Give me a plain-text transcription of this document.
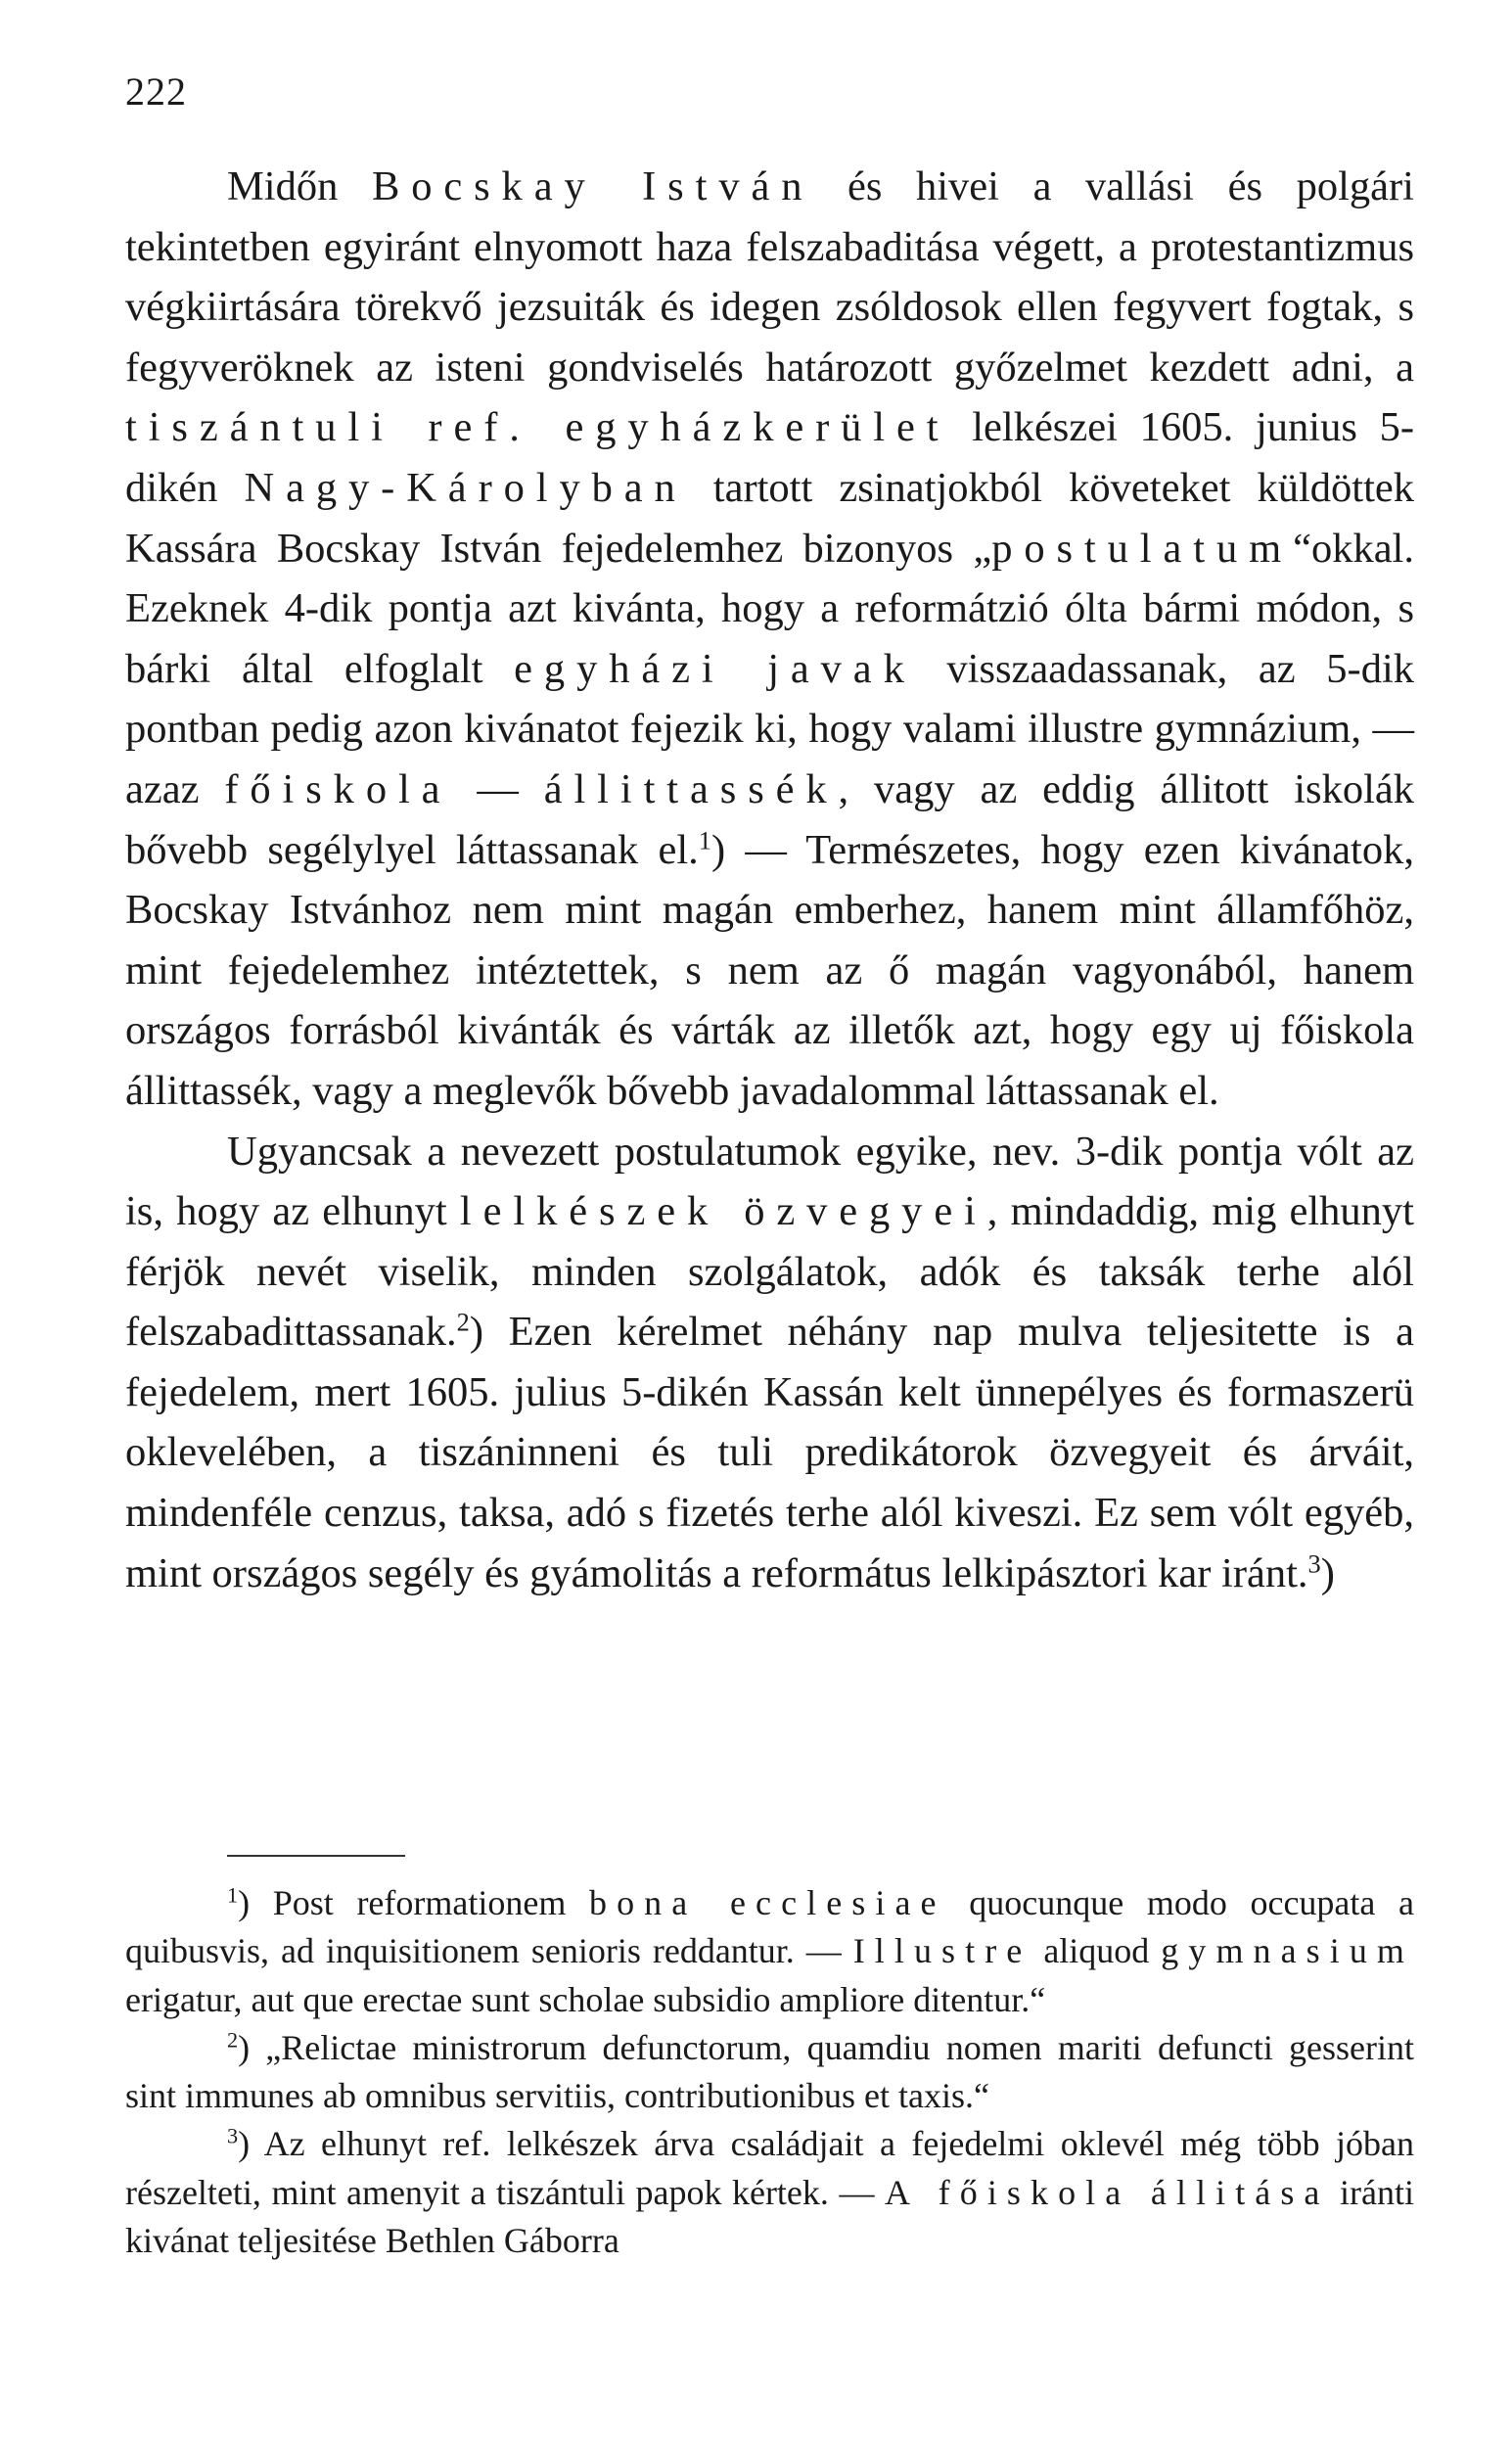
222

Midőn Bocskay István és hivei a vallási és polgári tekintetben egyiránt elnyomott haza felszabaditása végett, a protestantizmus végkiirtására törekvő jezsuiták és idegen zsóldosok ellen fegyvert fogtak, s fegyveröknek az isteni gondviselés határozott győzelmet kezdett adni, a tiszántuli ref. egyházkerület lelkészei 1605. junius 5-dikén Nagy-Károlyban tartott zsinatjokból követeket küldöttek Kassára Bocskay István fejedelemhez bizonyos „postulatum“okkal. Ezeknek 4-dik pontja azt kivánta, hogy a reformátzió ólta bármi módon, s bárki által elfoglalt egyházi javak visszaadassanak, az 5-dik pontban pedig azon kivánatot fejezik ki, hogy valami illustre gymnázium, — azaz főiskola — állittassék, vagy az eddig állitott iskolák bővebb segélylyel láttassanak el.$^1$) — Természetes, hogy ezen kivánatok, Bocskay Istvánhoz nem mint magán emberhez, hanem mint államfőhöz, mint fejedelemhez intéztettek, s nem az ő magán vagyonából, hanem országos forrásból kivánták és várták az illetők azt, hogy egy uj főiskola állittassék, vagy a meglevők bővebb javadalommal láttassanak el.

Ugyancsak a nevezett postulatumok egyike, nev. 3-dik pontja vólt az is, hogy az elhunyt lelkészek özvegyei, mindaddig, mig elhunyt férjök nevét viselik, minden szolgálatok, adók és taksák terhe alól felszabadittassanak.$^2$) Ezen kérelmet néhány nap mulva teljesitette is a fejedelem, mert 1605. julius 5-dikén Kassán kelt ünnepélyes és formaszerü oklevelében, a tiszáninneni és tuli predikátorok özvegyeit és árváit, mindenféle cenzus, taksa, adó s fizetés terhe alól kiveszi. Ez sem vólt egyéb, mint országos segély és gyámolitás a református lelkipásztori kar iránt.$^3$)

$^1$) Post reformationem bona ecclesiae quocunque modo occupata a quibusvis, ad inquisitionem senioris reddantur. — Illustre aliquod gymnasium erigatur, aut que erectae sunt scholae subsidio ampliore ditentur.“

$^2$) „Relictae ministrorum defunctorum, quamdiu nomen mariti defuncti gesserint sint immunes ab omnibus servitiis, contributionibus et taxis.“

$^3$) Az elhunyt ref. lelkészek árva családjait a fejedelmi oklevél még több jóban részelteti, mint amenyit a tiszántuli papok kértek. — A főiskola állitása iránti kivánat teljesitése Bethlen Gáborra
